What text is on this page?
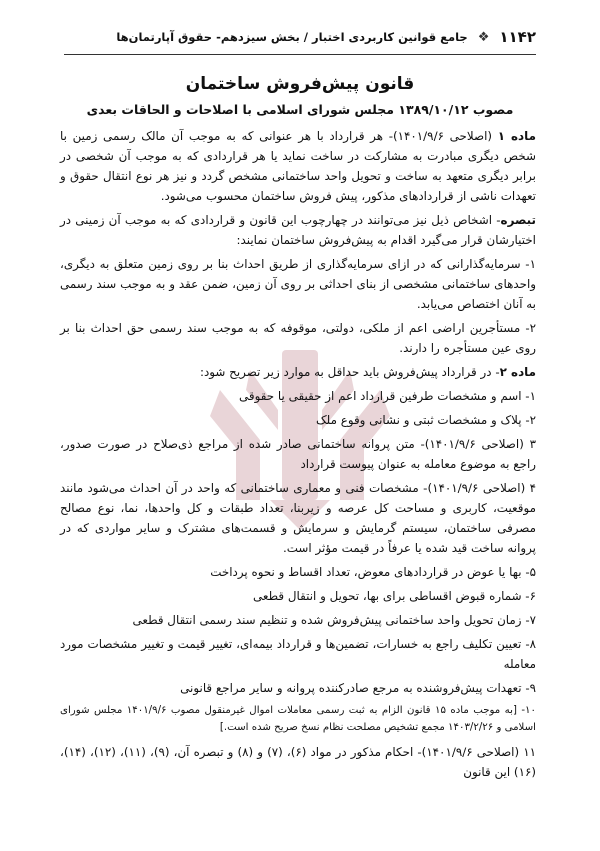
۱۱۴۲
❖
جامع قوانین کاربردی اختبار / بخش سیزدهم- حقوق آپارتمان‌ها
قانون پیش‌فروش ساختمان
مصوب ۱۳۸۹/۱۰/۱۲ مجلس شورای اسلامی با اصلاحات و الحاقات بعدی

ماده ۱ (اصلاحی ۱۴۰۱/۹/۶)- هر قرارداد با هر عنوانی که به موجب آن مالک رسمی زمین با شخص دیگری مبادرت به مشارکت در ساخت نماید یا هر قراردادی که به موجب آن شخصی در برابر دیگری متعهد به ساخت و تحویل واحد ساختمانی مشخص گردد و نیز هر نوع انتقال حقوق و تعهدات ناشی از قراردادهای مذکور، پیش فروش ساختمان محسوب می‌شود.

تبصره- اشخاص ذیل نیز می‌توانند در چهارچوب این قانون و قراردادی که به موجب آن زمینی در اختیارشان قرار می‌گیرد اقدام به پیش‌فروش ساختمان نمایند:

۱- سرمایه‌گذارانی که در ازای سرمایه‌گذاری از طریق احداث بنا بر روی زمین متعلق به دیگری، واحدهای ساختمانی مشخصی از بنای احداثی بر روی آن زمین، ضمن عقد و به موجب سند رسمی به آنان اختصاص می‌یابد.

۲- مستأجرین اراضی اعم از ملکی، دولتی، موقوفه که به موجب سند رسمی حق احداث بنا بر روی عین مستأجره را دارند.

ماده ۲- در قرارداد پیش‌فروش باید حداقل به موارد زیر تصریح شود:

۱- اسم و مشخصات طرفین قرارداد اعم از حقیقی یا حقوقی

۲- پلاک و مشخصات ثبتی و نشانی وقوع ملک

۳ (اصلاحی ۱۴۰۱/۹/۶)- متن پروانه ساختمانی صادر شده از مراجع ذی‌صلاح در صورت صدور، راجع به موضوع معامله به عنوان پیوست قرارداد

۴ (اصلاحی ۱۴۰۱/۹/۶)- مشخصات فنی و معماری ساختمانی که واحد در آن احداث می‌شود مانند موقعیت، کاربری و مساحت کل عرصه و زیربنا، تعداد طبقات و کل واحدها، نما، نوع مصالح مصرفی ساختمان، سیستم گرمایش و سرمایش و قسمت‌های مشترک و سایر مواردی که در پروانه ساخت قید شده یا عرفاً در قیمت مؤثر است.

۵- بها یا عوض در قراردادهای معوض، تعداد اقساط و نحوه پرداخت

۶- شماره قبوض اقساطی برای بها، تحویل و انتقال قطعی

۷- زمان تحویل واحد ساختمانی پیش‌فروش شده و تنظیم سند رسمی انتقال قطعی

۸- تعیین تکلیف راجع به خسارات، تضمین‌ها و قرارداد بیمه‌ای، تغییر قیمت و تغییر مشخصات مورد معامله

۹- تعهدات پیش‌فروشنده به مرجع صادرکننده پروانه و سایر مراجع قانونی

۱۰- [به موجب ماده ۱۵ قانون الزام به ثبت رسمی معاملات اموال غیرمنقول مصوب ۱۴۰۱/۹/۶ مجلس شورای اسلامی و ۱۴۰۳/۲/۲۶ مجمع تشخیص مصلحت نظام نسخ صریح شده است.]

۱۱ (اصلاحی ۱۴۰۱/۹/۶)- احکام مذکور در مواد (۶)، (۷) و (۸) و تبصره آن، (۹)، (۱۱)، (۱۲)، (۱۴)، (۱۶) این قانون
